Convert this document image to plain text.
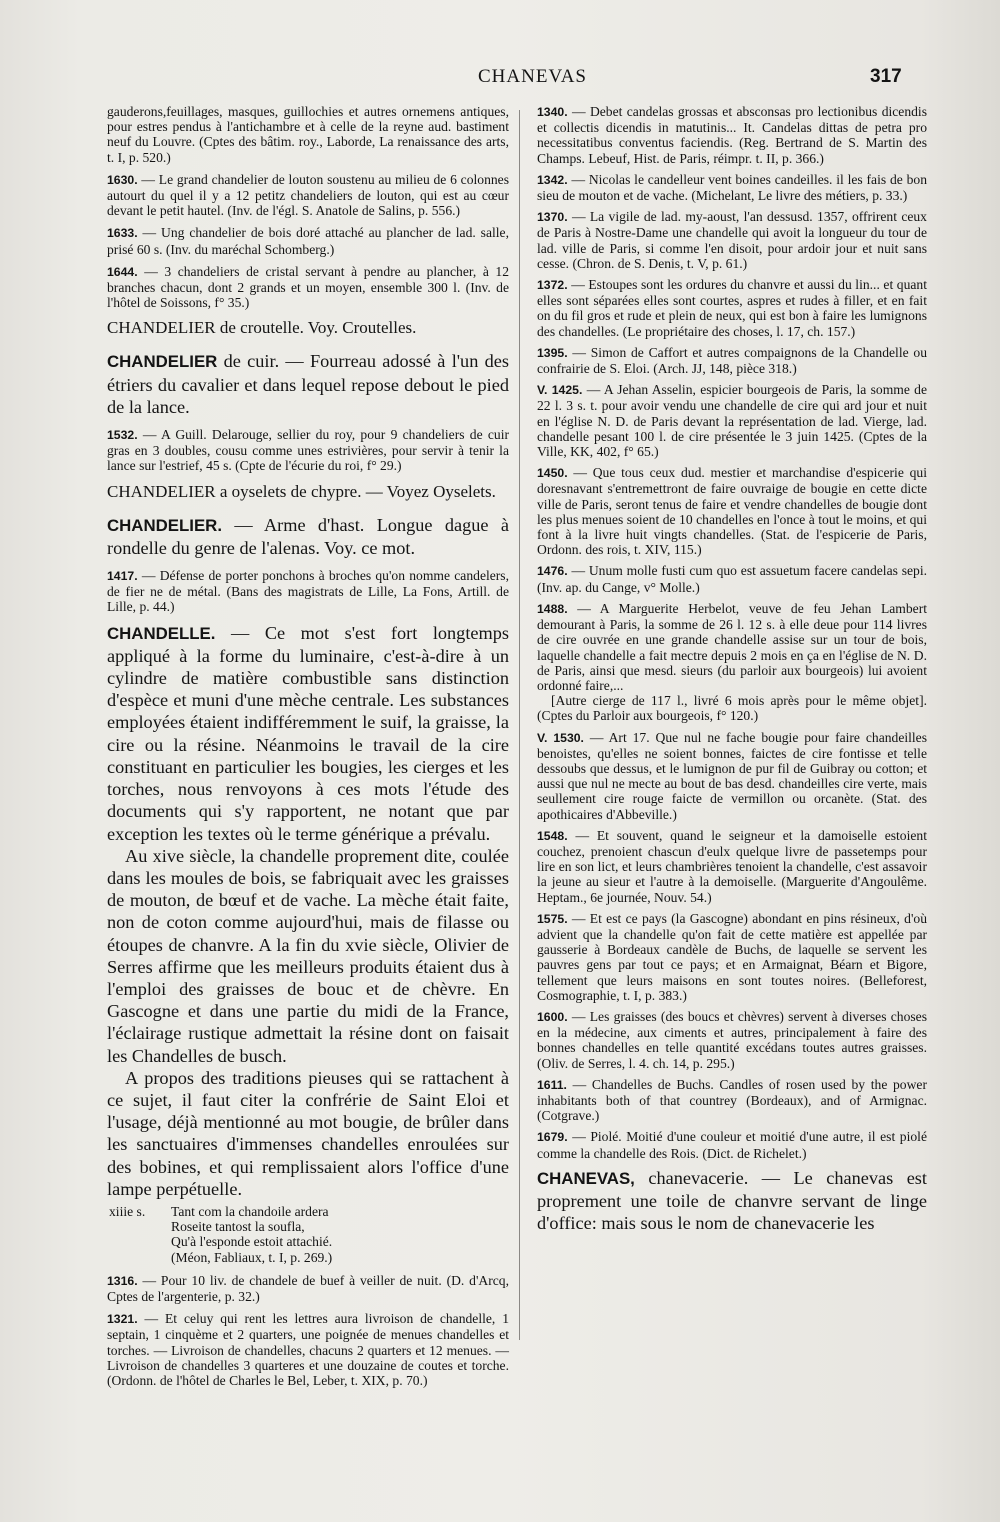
CHANEVAS	317

gauderons,feuillages, masques, guillochies et autres ornemens antiques, pour estres pendus à l'antichambre et à celle de la reyne aud. bastiment neuf du Louvre. (Cptes des bâtim. roy., Laborde, La renaissance des arts, t. I, p. 520.)

1630. — Le grand chandelier de louton soustenu au milieu de 6 colonnes autourt du quel il y a 12 petitz chandeliers de louton, qui est au cœur devant le petit hautel. (Inv. de l'égl. S. Anatole de Salins, p. 556.)

1633. — Ung chandelier de bois doré attaché au plancher de lad. salle, prisé 60 s. (Inv. du maréchal Schomberg.)

1644. — 3 chandeliers de cristal servant à pendre au plancher, à 12 branches chacun, dont 2 grands et un moyen, ensemble 300 l. (Inv. de l'hôtel de Soissons, f° 35.)

CHANDELIER de croutelle. Voy. Croutelles.

CHANDELIER de cuir. — Fourreau adossé à l'un des étriers du cavalier et dans lequel repose debout le pied de la lance.

1532. — A Guill. Delarouge, sellier du roy, pour 9 chandeliers de cuir gras en 3 doubles, cousu comme unes estrivières, pour servir à tenir la lance sur l'estrief, 45 s. (Cpte de l'écurie du roi, f° 29.)

CHANDELIER a oyselets de chypre. — Voyez Oyselets.

CHANDELIER. — Arme d'hast. Longue dague à rondelle du genre de l'alenas. Voy. ce mot.

1417. — Défense de porter ponchons à broches qu'on nomme candelers, de fier ne de métal. (Bans des magistrats de Lille, La Fons, Artill. de Lille, p. 44.)

CHANDELLE. — Ce mot s'est fort longtemps appliqué à la forme du luminaire, c'est-à-dire à un cylindre de matière combustible sans distinction d'espèce et muni d'une mèche centrale. Les substances employées étaient indifféremment le suif, la graisse, la cire ou la résine. Néanmoins le travail de la cire constituant en particulier les bougies, les cierges et les torches, nous renvoyons à ces mots l'étude des documents qui s'y rapportent, ne notant que par exception les textes où le terme générique a prévalu.

Au xive siècle, la chandelle proprement dite, coulée dans les moules de bois, se fabriquait avec les graisses de mouton, de bœuf et de vache. La mèche était faite, non de coton comme aujourd'hui, mais de filasse ou étoupes de chanvre. A la fin du xvie siècle, Olivier de Serres affirme que les meilleurs produits étaient dus à l'emploi des graisses de bouc et de chèvre. En Gascogne et dans une partie du midi de la France, l'éclairage rustique admettait la résine dont on faisait les Chandelles de busch.

A propos des traditions pieuses qui se rattachent à ce sujet, il faut citer la confrérie de Saint Eloi et l'usage, déjà mentionné au mot bougie, de brûler dans les sanctuaires d'immenses chandelles enroulées sur des bobines, et qui remplissaient alors l'office d'une lampe perpétuelle.

xiiie s.	Tant com la chandoile ardera
Roseite tantost la soufla,
Qu'à l'esponde estoit attachié.
(Méon, Fabliaux, t. I, p. 269.)

1316. — Pour 10 liv. de chandele de buef à veiller de nuit. (D. d'Arcq, Cptes de l'argenterie, p. 32.)

1321. — Et celuy qui rent les lettres aura livroison de chandelle, 1 septain, 1 cinquème et 2 quarters, une poignée de menues chandelles et torches. — Livroison de chandelles, chacuns 2 quarters et 12 menues. — Livroison de chandelles 3 quarteres et une douzaine de coutes et torche. (Ordonn. de l'hôtel de Charles le Bel, Leber, t. XIX, p. 70.)

1340. — Debet candelas grossas et absconsas pro lectionibus dicendis et collectis dicendis in matutinis... It. Candelas dittas de petra pro necessitatibus conventus faciendis. (Reg. Bertrand de S. Martin des Champs. Lebeuf, Hist. de Paris, réimpr. t. II, p. 366.)

1342. — Nicolas le candelleur vent boines candeilles. il les fais de bon sieu de mouton et de vache. (Michelant, Le livre des métiers, p. 33.)

1370. — La vigile de lad. my-aoust, l'an dessusd. 1357, offrirent ceux de Paris à Nostre-Dame une chandelle qui avoit la longueur du tour de lad. ville de Paris, si comme l'en disoit, pour ardoir jour et nuit sans cesse. (Chron. de S. Denis, t. V, p. 61.)

1372. — Estoupes sont les ordures du chanvre et aussi du lin... et quant elles sont séparées elles sont courtes, aspres et rudes à filler, et en fait on du fil gros et rude et plein de neux, qui est bon à faire les lumignons des chandelles. (Le propriétaire des choses, l. 17, ch. 157.)

1395. — Simon de Caffort et autres compaignons de la Chandelle ou confrairie de S. Eloi. (Arch. JJ, 148, pièce 318.)

V. 1425. — A Jehan Asselin, espicier bourgeois de Paris, la somme de 22 l. 3 s. t. pour avoir vendu une chandelle de cire qui ard jour et nuit en l'église N. D. de Paris devant la représentation de lad. Vierge, lad. chandelle pesant 100 l. de cire présentée le 3 juin 1425. (Cptes de la Ville, KK, 402, f° 65.)

1450. — Que tous ceux dud. mestier et marchandise d'espicerie qui doresnavant s'entremettront de faire ouvraige de bougie en cette dicte ville de Paris, seront tenus de faire et vendre chandelles de bougie dont les plus menues soient de 10 chandelles en l'once à tout le moins, et qui font à la livre huit vingts chandelles. (Stat. de l'espicerie de Paris, Ordonn. des rois, t. XIV, 115.)

1476. — Unum molle fusti cum quo est assuetum facere candelas sepi. (Inv. ap. du Cange, v° Molle.)

1488. — A Marguerite Herbelot, veuve de feu Jehan Lambert demourant à Paris, la somme de 26 l. 12 s. à elle deue pour 114 livres de cire ouvrée en une grande chandelle assise sur un tour de bois, laquelle chandelle a fait mectre depuis 2 mois en ça en l'église de N. D. de Paris, ainsi que mesd. sieurs (du parloir aux bourgeois) lui avoient ordonné faire,...

[Autre cierge de 117 l., livré 6 mois après pour le même objet]. (Cptes du Parloir aux bourgeois, f° 120.)

V. 1530. — Art 17. Que nul ne fache bougie pour faire chandeilles benoistes, qu'elles ne soient bonnes, faictes de cire fontisse et telle dessoubs que dessus, et le lumignon de pur fil de Guibray ou cotton; et aussi que nul ne mecte au bout de bas desd. chandeilles cire verte, mais seullement cire rouge faicte de vermillon ou orcanète. (Stat. des apothicaires d'Abbeville.)

1548. — Et souvent, quand le seigneur et la damoiselle estoient couchez, prenoient chascun d'eulx quelque livre de passetemps pour lire en son lict, et leurs chambrières tenoient la chandelle, c'est assavoir la jeune au sieur et l'autre à la demoiselle. (Marguerite d'Angoulême. Heptam., 6e journée, Nouv. 54.)

1575. — Et est ce pays (la Gascogne) abondant en pins résineux, d'où advient que la chandelle qu'on fait de cette matière est appellée par gausserie à Bordeaux candèle de Buchs, de laquelle se servent les pauvres gens par tout ce pays; et en Armaignat, Béarn et Bigore, tellement que leurs maisons en sont toutes noires. (Belleforest, Cosmographie, t. I, p. 383.)

1600. — Les graisses (des boucs et chèvres) servent à diverses choses en la médecine, aux ciments et autres, principalement à faire des bonnes chandelles en telle quantité excédans toutes autres graisses. (Oliv. de Serres, l. 4. ch. 14, p. 295.)

1611. — Chandelles de Buchs. Candles of rosen used by the power inhabitants both of that countrey (Bordeaux), and of Armignac. (Cotgrave.)

1679. — Piolé. Moitié d'une couleur et moitié d'une autre, il est piolé comme la chandelle des Rois. (Dict. de Richelet.)

CHANEVAS, chanevacerie. — Le chanevas est proprement une toile de chanvre servant de linge d'office: mais sous le nom de chanevacerie les
